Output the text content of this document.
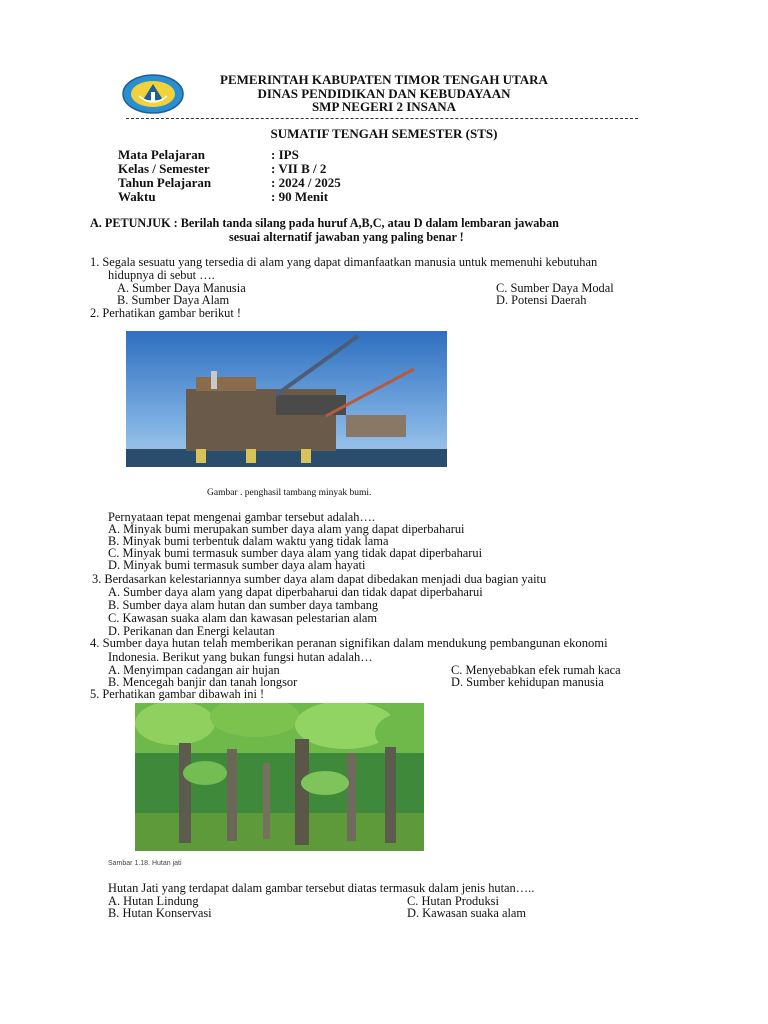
PEMERINTAH KABUPATEN TIMOR TENGAH UTARA
DINAS PENDIDIKAN DAN KEBUDAYAAN
SMP NEGERI 2 INSANA
SUMATIF TENGAH SEMESTER (STS)
Mata Pelajaran	: IPS
Kelas / Semester	: VII B / 2
Tahun Pelajaran	: 2024 / 2025
Waktu	: 90 Menit
A. PETUNJUK : Berilah tanda silang pada huruf A,B,C, atau D dalam lembaran jawaban
sesuai alternatif jawaban yang paling benar !
1. Segala sesuatu yang tersedia di alam yang dapat dimanfaatkan manusia untuk memenuhi kebutuhan
hidupnya di sebut ….
A. Sumber Daya Manusia
B. Sumber Daya Alam
C. Sumber Daya Modal
D. Potensi Daerah
2. Perhatikan gambar berikut !
Gambar . penghasil tambang minyak bumi.
Pernyataan tepat mengenai gambar tersebut adalah….
A. Minyak bumi merupakan sumber daya alam yang dapat diperbaharui
B. Minyak bumi terbentuk dalam waktu yang tidak lama
C. Minyak bumi termasuk sumber daya alam yang tidak dapat diperbaharui
D. Minyak bumi termasuk sumber daya alam hayati
3. Berdasarkan kelestariannya sumber daya alam dapat dibedakan menjadi dua bagian yaitu
A. Sumber daya alam yang dapat diperbaharui dan tidak dapat diperbaharui
B. Sumber daya alam hutan dan sumber daya tambang
C. Kawasan suaka alam dan kawasan pelestarian alam
D. Perikanan dan Energi kelautan
4. Sumber daya hutan telah memberikan peranan signifikan dalam mendukung pembangunan ekonomi
Indonesia. Berikut yang bukan fungsi hutan adalah…
A. Menyimpan cadangan air hujan
B. Mencegah banjir dan tanah longsor
C. Menyebabkan efek rumah kaca
D. Sumber kehidupan manusia
5. Perhatikan gambar dibawah ini !
Sambar 1.18. Hutan jati
Hutan Jati yang terdapat dalam gambar tersebut diatas termasuk dalam jenis hutan…..
A. Hutan Lindung
B. Hutan Konservasi
C. Hutan Produksi
D. Kawasan suaka alam
